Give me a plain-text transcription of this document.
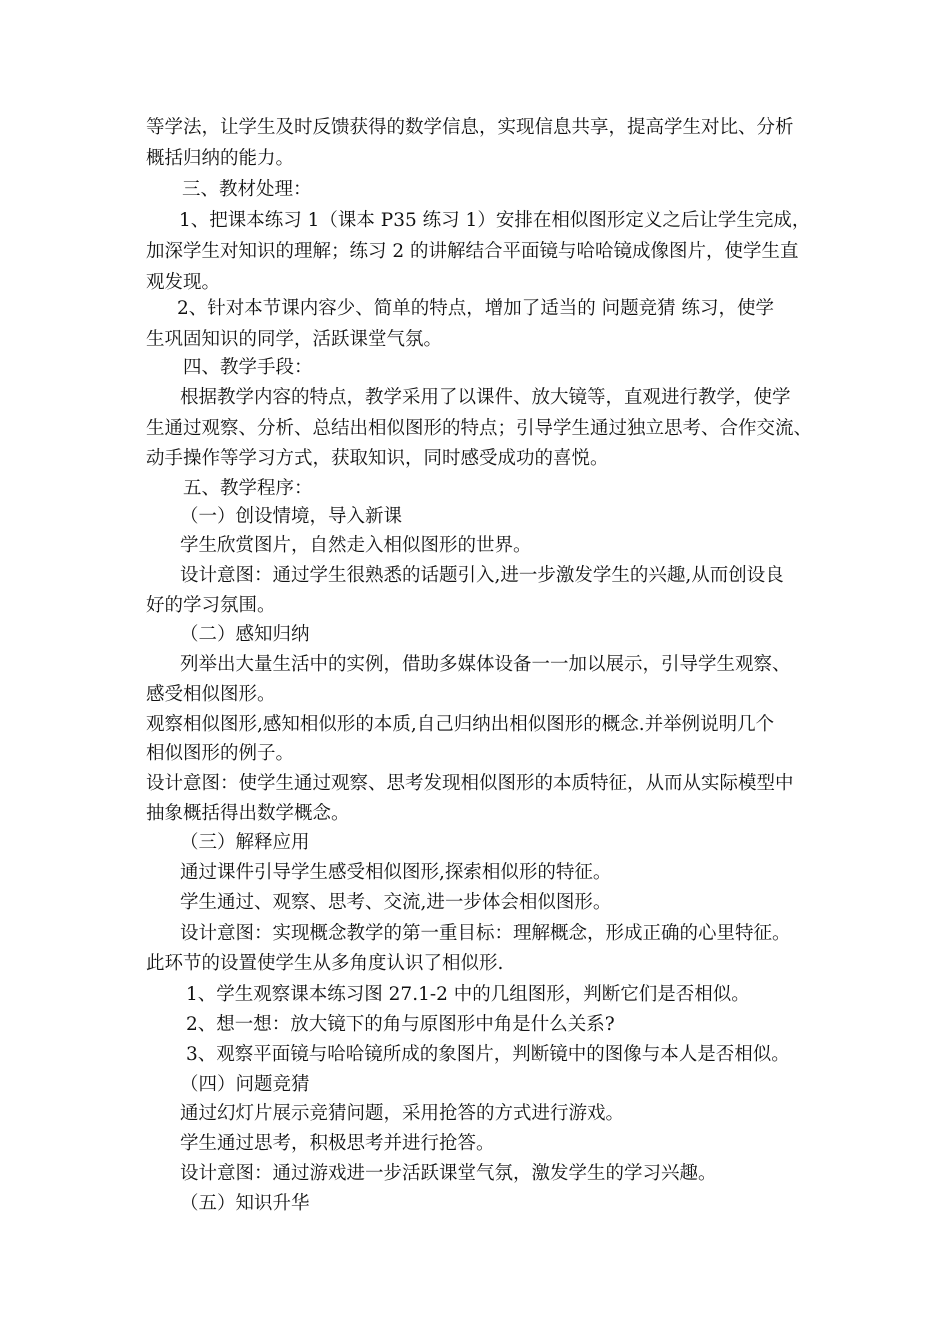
等学法，让学生及时反馈获得的数学信息，实现信息共享，提高学生对比、分析
概括归纳的能力。
三、教材处理：
1、把课本练习 1（课本 P35 练习 1）安排在相似图形定义之后让学生完成，
加深学生对知识的理解；练习 2 的讲解结合平面镜与哈哈镜成像图片，使学生直
观发现。
2、针对本节课内容少、简单的特点，增加了适当的 问题竞猜 练习，使学
生巩固知识的同学，活跃课堂气氛。
四、教学手段：
根据教学内容的特点，教学采用了以课件、放大镜等，直观进行教学，使学
生通过观察、分析、总结出相似图形的特点；引导学生通过独立思考、合作交流、
动手操作等学习方式，获取知识，同时感受成功的喜悦。
五、教学程序：
（一）创设情境，导入新课
学生欣赏图片，自然走入相似图形的世界。
设计意图：通过学生很熟悉的话题引入,进一步激发学生的兴趣,从而创设良
好的学习氛围。
（二）感知归纳
列举出大量生活中的实例，借助多媒体设备一一加以展示，引导学生观察、
感受相似图形。
观察相似图形,感知相似形的本质,自己归纳出相似图形的概念.并举例说明几个
相似图形的例子。
设计意图：使学生通过观察、思考发现相似图形的本质特征，从而从实际模型中
抽象概括得出数学概念。
（三）解释应用
通过课件引导学生感受相似图形,探索相似形的特征。
学生通过、观察、思考、交流,进一步体会相似图形。
设计意图：实现概念教学的第一重目标：理解概念，形成正确的心里特征。
此环节的设置使学生从多角度认识了相似形.
1、学生观察课本练习图 27.1-2 中的几组图形，判断它们是否相似。
2、想一想：放大镜下的角与原图形中角是什么关系?
3、观察平面镜与哈哈镜所成的象图片，判断镜中的图像与本人是否相似。
（四）问题竞猜
通过幻灯片展示竞猜问题，采用抢答的方式进行游戏。
学生通过思考，积极思考并进行抢答。
设计意图：通过游戏进一步活跃课堂气氛，激发学生的学习兴趣。
（五）知识升华
